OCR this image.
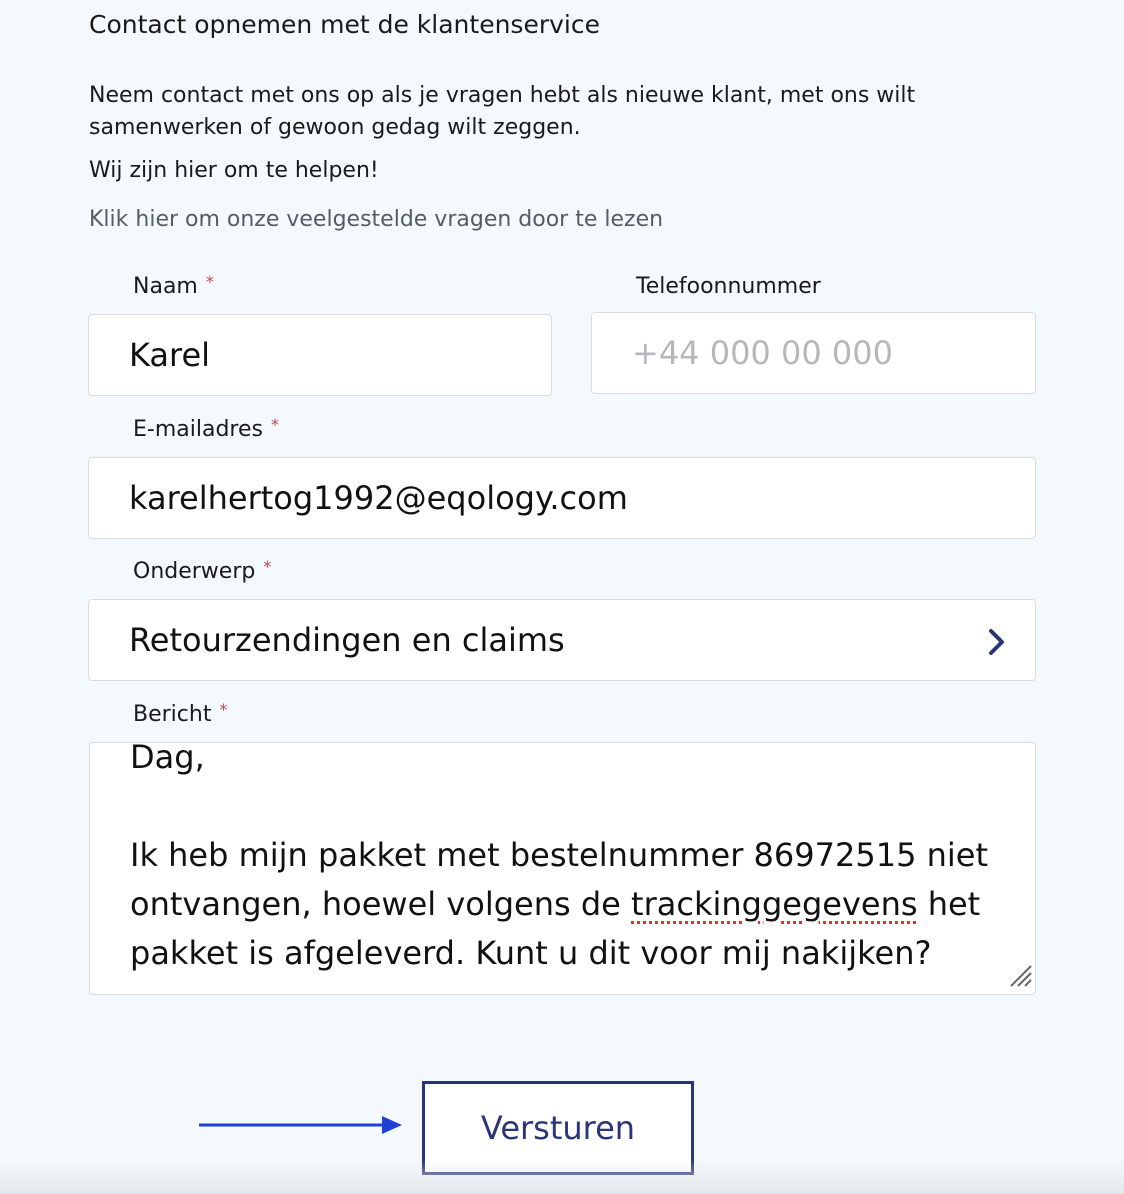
Contact opnemen met de klantenservice
Neem contact met ons op als je vragen hebt als nieuwe klant, met ons wilt samenwerken of gewoon gedag wilt zeggen.
Wij zijn hier om te helpen!
Klik hier om onze veelgestelde vragen door te lezen
Naam *
Karel
Telefoonnummer
+44 000 00 000
E-mailadres *
karelhertog1992@eqology.com
Onderwerp *
Retourzendingen en claims
Bericht *
Dag,

Ik heb mijn pakket met bestelnummer 86972515 niet ontvangen, hoewel volgens de trackinggegevens het pakket is afgeleverd. Kunt u dit voor mij nakijken?
Versturen
